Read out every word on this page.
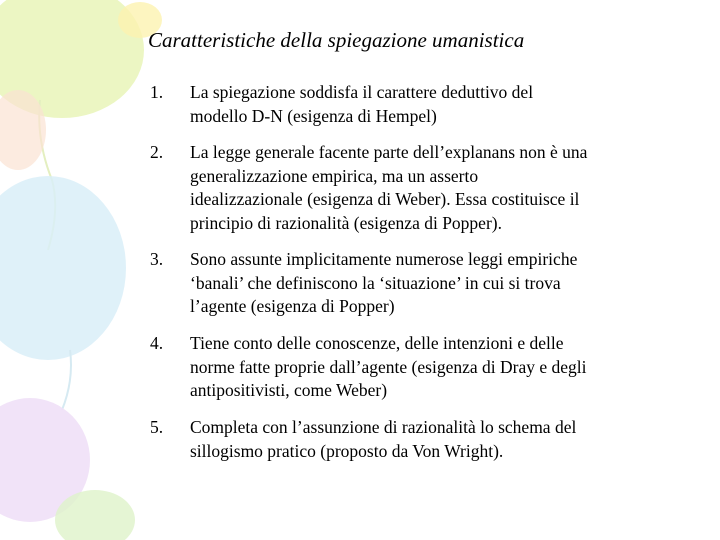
Caratteristiche della spiegazione umanistica
1.	La spiegazione soddisfa il carattere deduttivo del
modello D-N (esigenza di Hempel)
2.	La legge generale facente parte dell’explanans non è una
generalizzazione empirica, ma un asserto
idealizzazionale (esigenza di Weber). Essa costituisce il
principio di razionalità (esigenza di Popper).
3.	Sono assunte implicitamente numerose leggi empiriche
‘banali’ che definiscono la ‘situazione’ in cui si trova
l’agente (esigenza di Popper)
4.	Tiene conto delle conoscenze, delle intenzioni e delle
norme fatte proprie dall’agente (esigenza di Dray e degli
antipositivisti, come Weber)
5.	Completa con l’assunzione di razionalità lo schema del
sillogismo pratico (proposto da Von Wright).
